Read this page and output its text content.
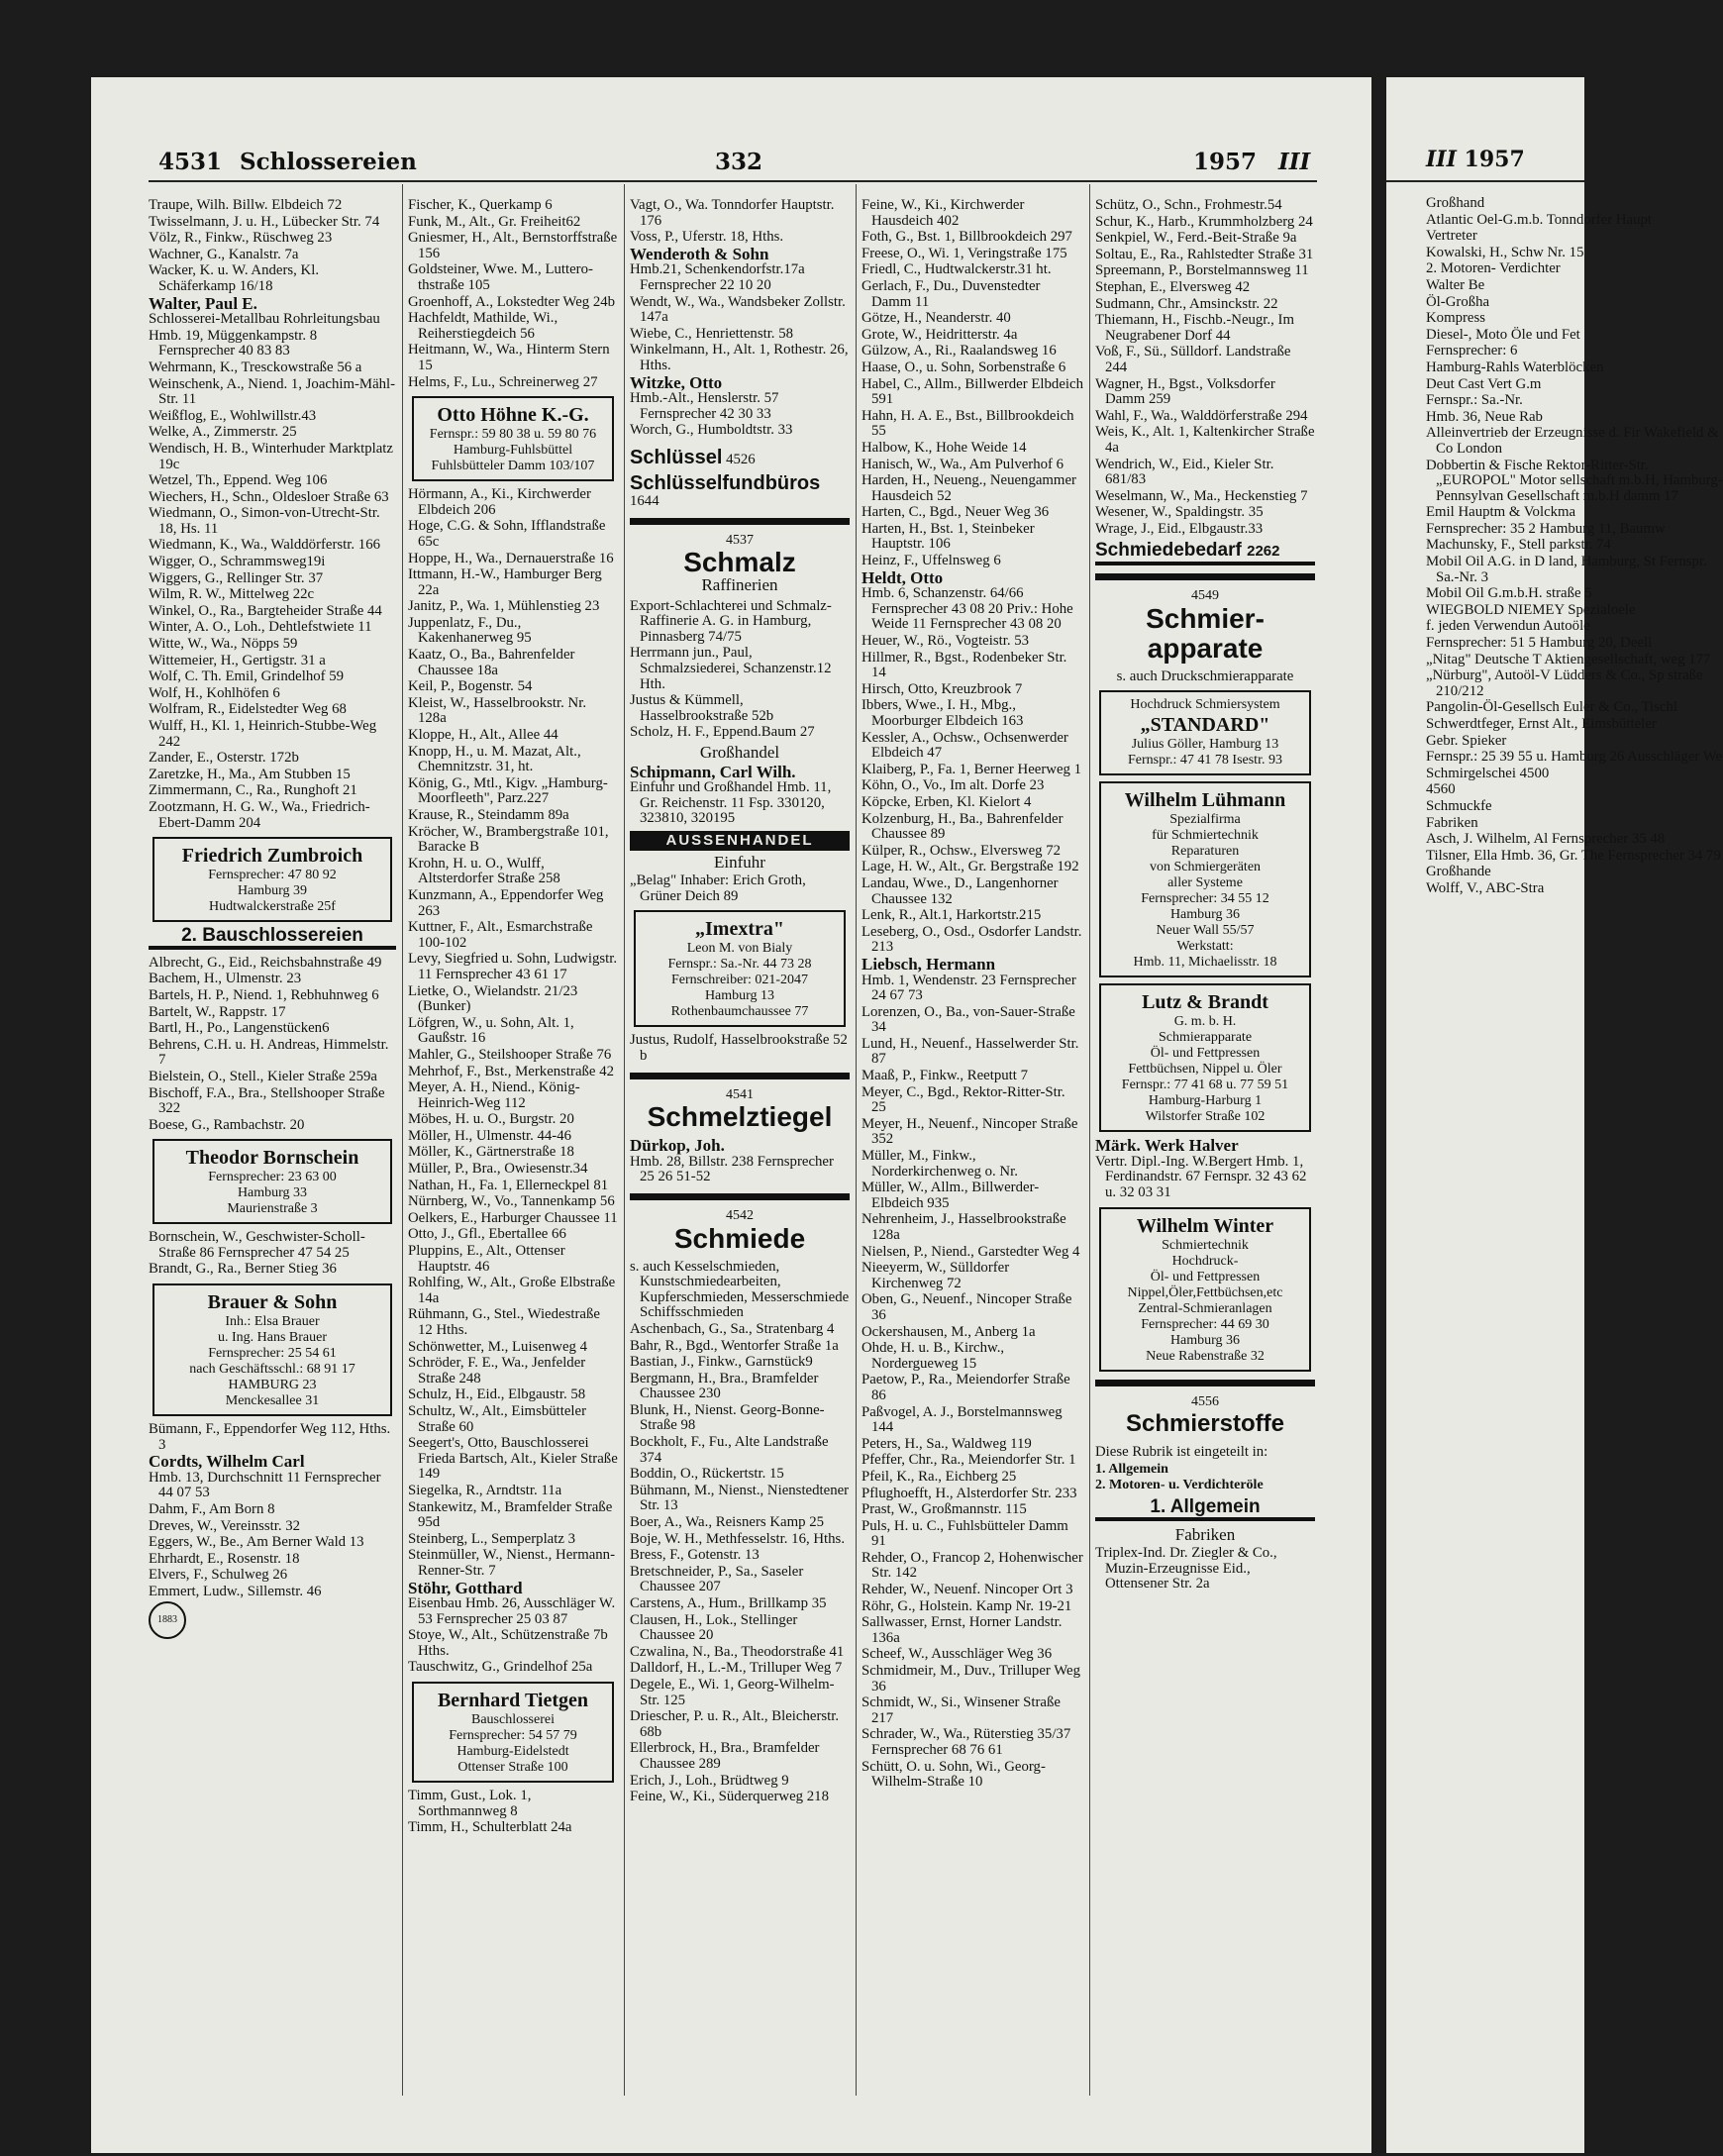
III 1957
Großhand
Atlantic Oel-G.m.b. Tonndorfer Haupt
Vertreter
Kowalski, H., Schw Nr. 15
2. Motoren- Verdichter
Walter Be
Öl-Großha
Kompress
Diesel-, Moto Öle und Fet
Fernsprecher: 6
Hamburg-Rahls Waterblöcken
Deut Cast Vert G.m
Fernspr.: Sa.-Nr.
Hmb. 36, Neue Rab
Alleinvertrieb der Erzeugnisse d. Fir Wakefield & Co London
Dobbertin & Fische Rektor-Ritter-Str. „EUROPOL" Motor sellschaft m.b.H, Hamburg-Pennsylvan Gesellschaft m.b.H damm 17
Emil Hauptm & Volckma
Fernsprecher: 35 2 Hamburg 11, Baumw
Machunsky, F., Stell parkstr. 74
Mobil Oil A.G. in D land, Hamburg, St Fernspr. Sa.-Nr. 3
Mobil Oil G.m.b.H. straße 5
WIEGBOLD NIEMEY Spezialoele
f. jeden Verwendun Autoöle
Fernsprecher: 51 5 Hamburg 20, Deell
„Nitag" Deutsche T Aktiengesellschaft, weg 177
„Nürburg", Autoöl-V Lüdders & Co., Sp straße 210/212
Pangolin-Öl-Gesellsch Euler & Co., Tischl
Schwerdtfeger, Ernst Alt., Eimsbütteler
Gebr. Spieker
Fernspr.: 25 39 55 u. Hamburg 26 Ausschläger We
Schmirgelschei 4500
4560
Schmuckfe
Fabriken
Asch, J. Wilhelm, Al Fernsprecher 35 48
Tilsner, Ella Hmb. 36, Gr. The Fernsprecher 34 79
Großhande
Wolff, V., ABC-Stra
4531 Schlossereien	332	1957 III
Traupe, Wilh. Billw. Elbdeich 72
Twisselmann, J. u. H., Lübecker Str. 74
Völz, R., Finkw., Rüschweg 23
Wachner, G., Kanalstr. 7a
Wacker, K. u. W. Anders, Kl. Schäferkamp 16/18
Walter, Paul E.
Schlosserei-Metallbau Rohrleitungsbau
Hmb. 19, Müggenkampstr. 8 Fernsprecher 40 83 83
Wehrmann, K., Tresckowstraße 56 a
Weinschenk, A., Niend. 1, Joachim-Mähl-Str. 11
Weißflog, E., Wohlwillstr.43
Welke, A., Zimmerstr. 25
Wendisch, H. B., Winterhuder Marktplatz 19c
Wetzel, Th., Eppend. Weg 106
Wiechers, H., Schn., Oldesloer Straße 63
Wiedmann, O., Simon-von-Utrecht-Str. 18, Hs. 11
Wiedmann, K., Wa., Walddörferstr. 166
Wigger, O., Schrammsweg19i
Wiggers, G., Rellinger Str. 37
Wilm, R. W., Mittelweg 22c
Winkel, O., Ra., Bargteheider Straße 44
Winter, A. O., Loh., Dehtlefstwiete 11
Witte, W., Wa., Nöpps 59
Wittemeier, H., Gertigstr. 31 a
Wolf, C. Th. Emil, Grindelhof 59
Wolf, H., Kohlhöfen 6
Wolfram, R., Eidelstedter Weg 68
Wulff, H., Kl. 1, Heinrich-Stubbe-Weg 242
Zander, E., Osterstr. 172b
Zaretzke, H., Ma., Am Stubben 15
Zimmermann, C., Ra., Runghoft 21
Zootzmann, H. G. W., Wa., Friedrich-Ebert-Damm 204
Friedrich Zumbroich
Fernsprecher: 47 80 92
Hamburg 39
Hudtwalckerstraße 25f
2. Bauschlossereien
Albrecht, G., Eid., Reichsbahnstraße 49
Bachem, H., Ulmenstr. 23
Bartels, H. P., Niend. 1, Rebhuhnweg 6
Bartelt, W., Rappstr. 17
Bartl, H., Po., Langenstücken6
Behrens, C.H. u. H. Andreas, Himmelstr. 7
Bielstein, O., Stell., Kieler Straße 259a
Bischoff, F.A., Bra., Stellshooper Straße 322
Boese, G., Rambachstr. 20
Theodor Bornschein
Fernsprecher: 23 63 00
Hamburg 33
Maurienstraße 3
Bornschein, W., Geschwister-Scholl-Straße 86 Fernsprecher 47 54 25
Brandt, G., Ra., Berner Stieg 36
Brauer & Sohn
Inh.: Elsa Brauer
u. Ing. Hans Brauer
Fernsprecher: 25 54 61
nach Geschäftsschl.: 68 91 17
HAMBURG 23
Menckesallee 31
Bümann, F., Eppendorfer Weg 112, Hths. 3
Cordts, Wilhelm Carl
Hmb. 13, Durchschnitt 11 Fernsprecher 44 07 53
Dahm, F., Am Born 8
Dreves, W., Vereinsstr. 32
Eggers, W., Be., Am Berner Wald 13
Ehrhardt, E., Rosenstr. 18
Elvers, F., Schulweg 26
Emmert, Ludw., Sillemstr. 46
1883
Fischer, K., Querkamp 6
Funk, M., Alt., Gr. Freiheit62
Gniesmer, H., Alt., Bernstorffstraße 156
Goldsteiner, Wwe. M., Lutterothstraße 105
Groenhoff, A., Lokstedter Weg 24b
Hachfeldt, Mathilde, Wi., Reiherstiegdeich 56
Heitmann, W., Wa., Hinterm Stern 15
Helms, F., Lu., Schreinerweg 27
Otto Höhne K.-G.
Fernspr.: 59 80 38 u. 59 80 76
Hamburg-Fuhlsbüttel
Fuhlsbütteler Damm 103/107
Hörmann, A., Ki., Kirchwerder Elbdeich 206
Hoge, C.G. & Sohn, Ifflandstraße 65c
Hoppe, H., Wa., Dernauerstraße 16
Ittmann, H.-W., Hamburger Berg 22a
Janitz, P., Wa. 1, Mühlenstieg 23
Juppenlatz, F., Du., Kakenhanerweg 95
Kaatz, O., Ba., Bahrenfelder Chaussee 18a
Keil, P., Bogenstr. 54
Kleist, W., Hasselbrookstr. Nr. 128a
Kloppe, H., Alt., Allee 44
Knopp, H., u. M. Mazat, Alt., Chemnitzstr. 31, ht.
König, G., Mtl., Kigv. „Hamburg-Moorfleeth", Parz.227
Krause, R., Steindamm 89a
Kröcher, W., Brambergstraße 101, Baracke B
Krohn, H. u. O., Wulff, Altsterdorfer Straße 258
Kunzmann, A., Eppendorfer Weg 263
Kuttner, F., Alt., Esmarchstraße 100-102
Levy, Siegfried u. Sohn, Ludwigstr. 11 Fernsprecher 43 61 17
Lietke, O., Wielandstr. 21/23 (Bunker)
Löfgren, W., u. Sohn, Alt. 1, Gaußstr. 16
Mahler, G., Steilshooper Straße 76
Mehrhof, F., Bst., Merkenstraße 42
Meyer, A. H., Niend., König-Heinrich-Weg 112
Möbes, H. u. O., Burgstr. 20
Möller, H., Ulmenstr. 44-46
Möller, K., Gärtnerstraße 18
Müller, P., Bra., Owiesenstr.34
Nathan, H., Fa. 1, Ellerneckpel 81
Nürnberg, W., Vo., Tannenkamp 56
Oelkers, E., Harburger Chaussee 11
Otto, J., Gfl., Ebertallee 66
Pluppins, E., Alt., Ottenser Hauptstr. 46
Rohlfing, W., Alt., Große Elbstraße 14a
Rühmann, G., Stel., Wiedestraße 12 Hths.
Schönwetter, M., Luisenweg 4
Schröder, F. E., Wa., Jenfelder Straße 248
Schulz, H., Eid., Elbgaustr. 58
Schultz, W., Alt., Eimsbütteler Straße 60
Seegert's, Otto, Bauschlosserei Frieda Bartsch, Alt., Kieler Straße 149
Siegelka, R., Arndtstr. 11a
Stankewitz, M., Bramfelder Straße 95d
Steinberg, L., Semperplatz 3
Steinmüller, W., Nienst., Hermann-Renner-Str. 7
Stöhr, Gotthard
Eisenbau Hmb. 26, Ausschläger W. 53 Fernsprecher 25 03 87
Stoye, W., Alt., Schützenstraße 7b Hths.
Tauschwitz, G., Grindelhof 25a
Bernhard Tietgen
Bauschlosserei
Fernsprecher: 54 57 79
Hamburg-Eidelstedt
Ottenser Straße 100
Timm, Gust., Lok. 1, Sorthmannweg 8
Timm, H., Schulterblatt 24a
Vagt, O., Wa. Tonndorfer Hauptstr. 176
Voss, P., Uferstr. 18, Hths.
Wenderoth & Sohn
Hmb.21, Schenkendorfstr.17a Fernsprecher 22 10 20
Wendt, W., Wa., Wandsbeker Zollstr. 147a
Wiebe, C., Henriettenstr. 58
Winkelmann, H., Alt. 1, Rothestr. 26, Hths.
Witzke, Otto
Hmb.-Alt., Henslerstr. 57 Fernsprecher 42 30 33
Worch, G., Humboldtstr. 33
Schlüssel 4526
Schlüsselfundbüros
1644
4537
Schmalz
Raffinerien
Export-Schlachterei und Schmalz-Raffinerie A. G. in Hamburg, Pinnasberg 74/75
Herrmann jun., Paul, Schmalzsiederei, Schanzenstr.12 Hth.
Justus & Kümmell, Hasselbrookstraße 52b
Scholz, H. F., Eppend.Baum 27
Großhandel
Schipmann, Carl Wilh.
Einfuhr und Großhandel Hmb. 11, Gr. Reichenstr. 11 Fsp. 330120, 323810, 320195
AUSSENHANDEL
Einfuhr
„Belag" Inhaber: Erich Groth, Grüner Deich 89
„Imextra"
Leon M. von Bialy
Fernspr.: Sa.-Nr. 44 73 28
Fernschreiber: 021-2047
Hamburg 13
Rothenbaumchaussee 77
Justus, Rudolf, Hasselbrookstraße 52 b
4541
Schmelztiegel
Dürkop, Joh.
Hmb. 28, Billstr. 238 Fernsprecher 25 26 51-52
4542
Schmiede
s. auch Kesselschmieden, Kunstschmiedearbeiten, Kupferschmieden, Messerschmiede Schiffsschmieden
Aschenbach, G., Sa., Stratenbarg 4
Bahr, R., Bgd., Wentorfer Straße 1a
Bastian, J., Finkw., Garnstück9
Bergmann, H., Bra., Bramfelder Chaussee 230
Blunk, H., Nienst. Georg-Bonne-Straße 98
Bockholt, F., Fu., Alte Landstraße 374
Boddin, O., Rückertstr. 15
Bühmann, M., Nienst., Nienstedtener Str. 13
Boer, A., Wa., Reisners Kamp 25
Boje, W. H., Methfesselstr. 16, Hths.
Bress, F., Gotenstr. 13
Bretschneider, P., Sa., Saseler Chaussee 207
Carstens, A., Hum., Brillkamp 35
Clausen, H., Lok., Stellinger Chaussee 20
Czwalina, N., Ba., Theodorstraße 41
Dalldorf, H., L.-M., Trilluper Weg 7
Degele, E., Wi. 1, Georg-Wilhelm-Str. 125
Driescher, P. u. R., Alt., Bleicherstr. 68b
Ellerbrock, H., Bra., Bramfelder Chaussee 289
Erich, J., Loh., Brüdtweg 9
Feine, W., Ki., Süderquerweg 218
Feine, W., Ki., Kirchwerder Hausdeich 402
Foth, G., Bst. 1, Billbrookdeich 297
Freese, O., Wi. 1, Veringstraße 175
Friedl, C., Hudtwalckerstr.31 ht.
Gerlach, F., Du., Duvenstedter Damm 11
Götze, H., Neanderstr. 40
Grote, W., Heidritterstr. 4a
Gülzow, A., Ri., Raalandsweg 16
Haase, O., u. Sohn, Sorbenstraße 6
Habel, C., Allm., Billwerder Elbdeich 591
Hahn, H. A. E., Bst., Billbrookdeich 55
Halbow, K., Hohe Weide 14
Hanisch, W., Wa., Am Pulverhof 6
Harden, H., Neueng., Neuengammer Hausdeich 52
Harten, C., Bgd., Neuer Weg 36
Harten, H., Bst. 1, Steinbeker Hauptstr. 106
Heinz, F., Uffelnsweg 6
Heldt, Otto
Hmb. 6, Schanzenstr. 64/66 Fernsprecher 43 08 20 Priv.: Hohe Weide 11 Fernsprecher 43 08 20
Heuer, W., Rö., Vogteistr. 53
Hillmer, R., Bgst., Rodenbeker Str. 14
Hirsch, Otto, Kreuzbrook 7
Ibbers, Wwe., I. H., Mbg., Moorburger Elbdeich 163
Kessler, A., Ochsw., Ochsenwerder Elbdeich 47
Klaiberg, P., Fa. 1, Berner Heerweg 1
Köhn, O., Vo., Im alt. Dorfe 23
Köpcke, Erben, Kl. Kielort 4
Kolzenburg, H., Ba., Bahrenfelder Chaussee 89
Külper, R., Ochsw., Elversweg 72
Lage, H. W., Alt., Gr. Bergstraße 192
Landau, Wwe., D., Langenhorner Chaussee 132
Lenk, R., Alt.1, Harkortstr.215
Leseberg, O., Osd., Osdorfer Landstr. 213
Liebsch, Hermann
Hmb. 1, Wendenstr. 23 Fernsprecher 24 67 73
Lorenzen, O., Ba., von-Sauer-Straße 34
Lund, H., Neuenf., Hasselwerder Str. 87
Maaß, P., Finkw., Reetputt 7
Meyer, C., Bgd., Rektor-Ritter-Str. 25
Meyer, H., Neuenf., Nincoper Straße 352
Müller, M., Finkw., Norderkirchenweg o. Nr.
Müller, W., Allm., Billwerder-Elbdeich 935
Nehrenheim, J., Hasselbrookstraße 128a
Nielsen, P., Niend., Garstedter Weg 4
Nieeyerm, W., Sülldorfer Kirchenweg 72
Oben, G., Neuenf., Nincoper Straße 36
Ockershausen, M., Anberg 1a
Ohde, H. u. B., Kirchw., Nordergueweg 15
Paetow, P., Ra., Meiendorfer Straße 86
Paßvogel, A. J., Borstelmannsweg 144
Peters, H., Sa., Waldweg 119
Pfeffer, Chr., Ra., Meiendorfer Str. 1
Pfeil, K., Ra., Eichberg 25
Pflughoefft, H., Alsterdorfer Str. 233
Prast, W., Großmannstr. 115
Puls, H. u. C., Fuhlsbütteler Damm 91
Rehder, O., Francop 2, Hohenwischer Str. 142
Rehder, W., Neuenf. Nincoper Ort 3
Röhr, G., Holstein. Kamp Nr. 19-21
Sallwasser, Ernst, Horner Landstr. 136a
Scheef, W., Ausschläger Weg 36
Schmidmeir, M., Duv., Trilluper Weg 36
Schmidt, W., Si., Winsener Straße 217
Schrader, W., Wa., Rüterstieg 35/37 Fernsprecher 68 76 61
Schütt, O. u. Sohn, Wi., Georg-Wilhelm-Straße 10
Schütz, O., Schn., Frohmestr.54
Schur, K., Harb., Krummholzberg 24
Senkpiel, W., Ferd.-Beit-Straße 9a
Soltau, E., Ra., Rahlstedter Straße 31
Spreemann, P., Borstelmannsweg 11
Stephan, E., Elversweg 42
Sudmann, Chr., Amsinckstr. 22
Thiemann, H., Fischb.-Neugr., Im Neugrabener Dorf 44
Voß, F., Sü., Sülldorf. Landstraße 244
Wagner, H., Bgst., Volksdorfer Damm 259
Wahl, F., Wa., Walddörferstraße 294
Weis, K., Alt. 1, Kaltenkircher Straße 4a
Wendrich, W., Eid., Kieler Str. 681/83
Weselmann, W., Ma., Heckenstieg 7
Wesener, W., Spaldingstr. 35
Wrage, J., Eid., Elbgaustr.33
Schmiedebedarf 2262
4549
Schmier-apparate
s. auch Druckschmierapparate
Hochdruck Schmiersystem
„STANDARD"
Julius Göller, Hamburg 13
Fernspr.: 47 41 78 Isestr. 93
Wilhelm Lühmann
Spezialfirma
für Schmiertechnik
Reparaturen
von Schmiergeräten
aller Systeme
Fernsprecher: 34 55 12
Hamburg 36
Neuer Wall 55/57
Werkstatt:
Hmb. 11, Michaelisstr. 18
Lutz & Brandt
G. m. b. H.
Schmierapparate
Öl- und Fettpressen
Fettbüchsen, Nippel u. Öler
Fernspr.: 77 41 68 u. 77 59 51
Hamburg-Harburg 1
Wilstorfer Straße 102
Märk. Werk Halver
Vertr. Dipl.-Ing. W.Bergert Hmb. 1, Ferdinandstr. 67 Fernspr. 32 43 62 u. 32 03 31
Wilhelm Winter
Schmiertechnik
Hochdruck-
Öl- und Fettpressen
Nippel,Öler,Fettbüchsen,etc
Zentral-Schmieranlagen
Fernsprecher: 44 69 30
Hamburg 36
Neue Rabenstraße 32
4556
Schmierstoffe
Diese Rubrik ist eingeteilt in:
1. Allgemein
2. Motoren- u. Verdichteröle
1. Allgemein
Fabriken
Triplex-Ind. Dr. Ziegler & Co., Muzin-Erzeugnisse Eid., Ottensener Str. 2a
